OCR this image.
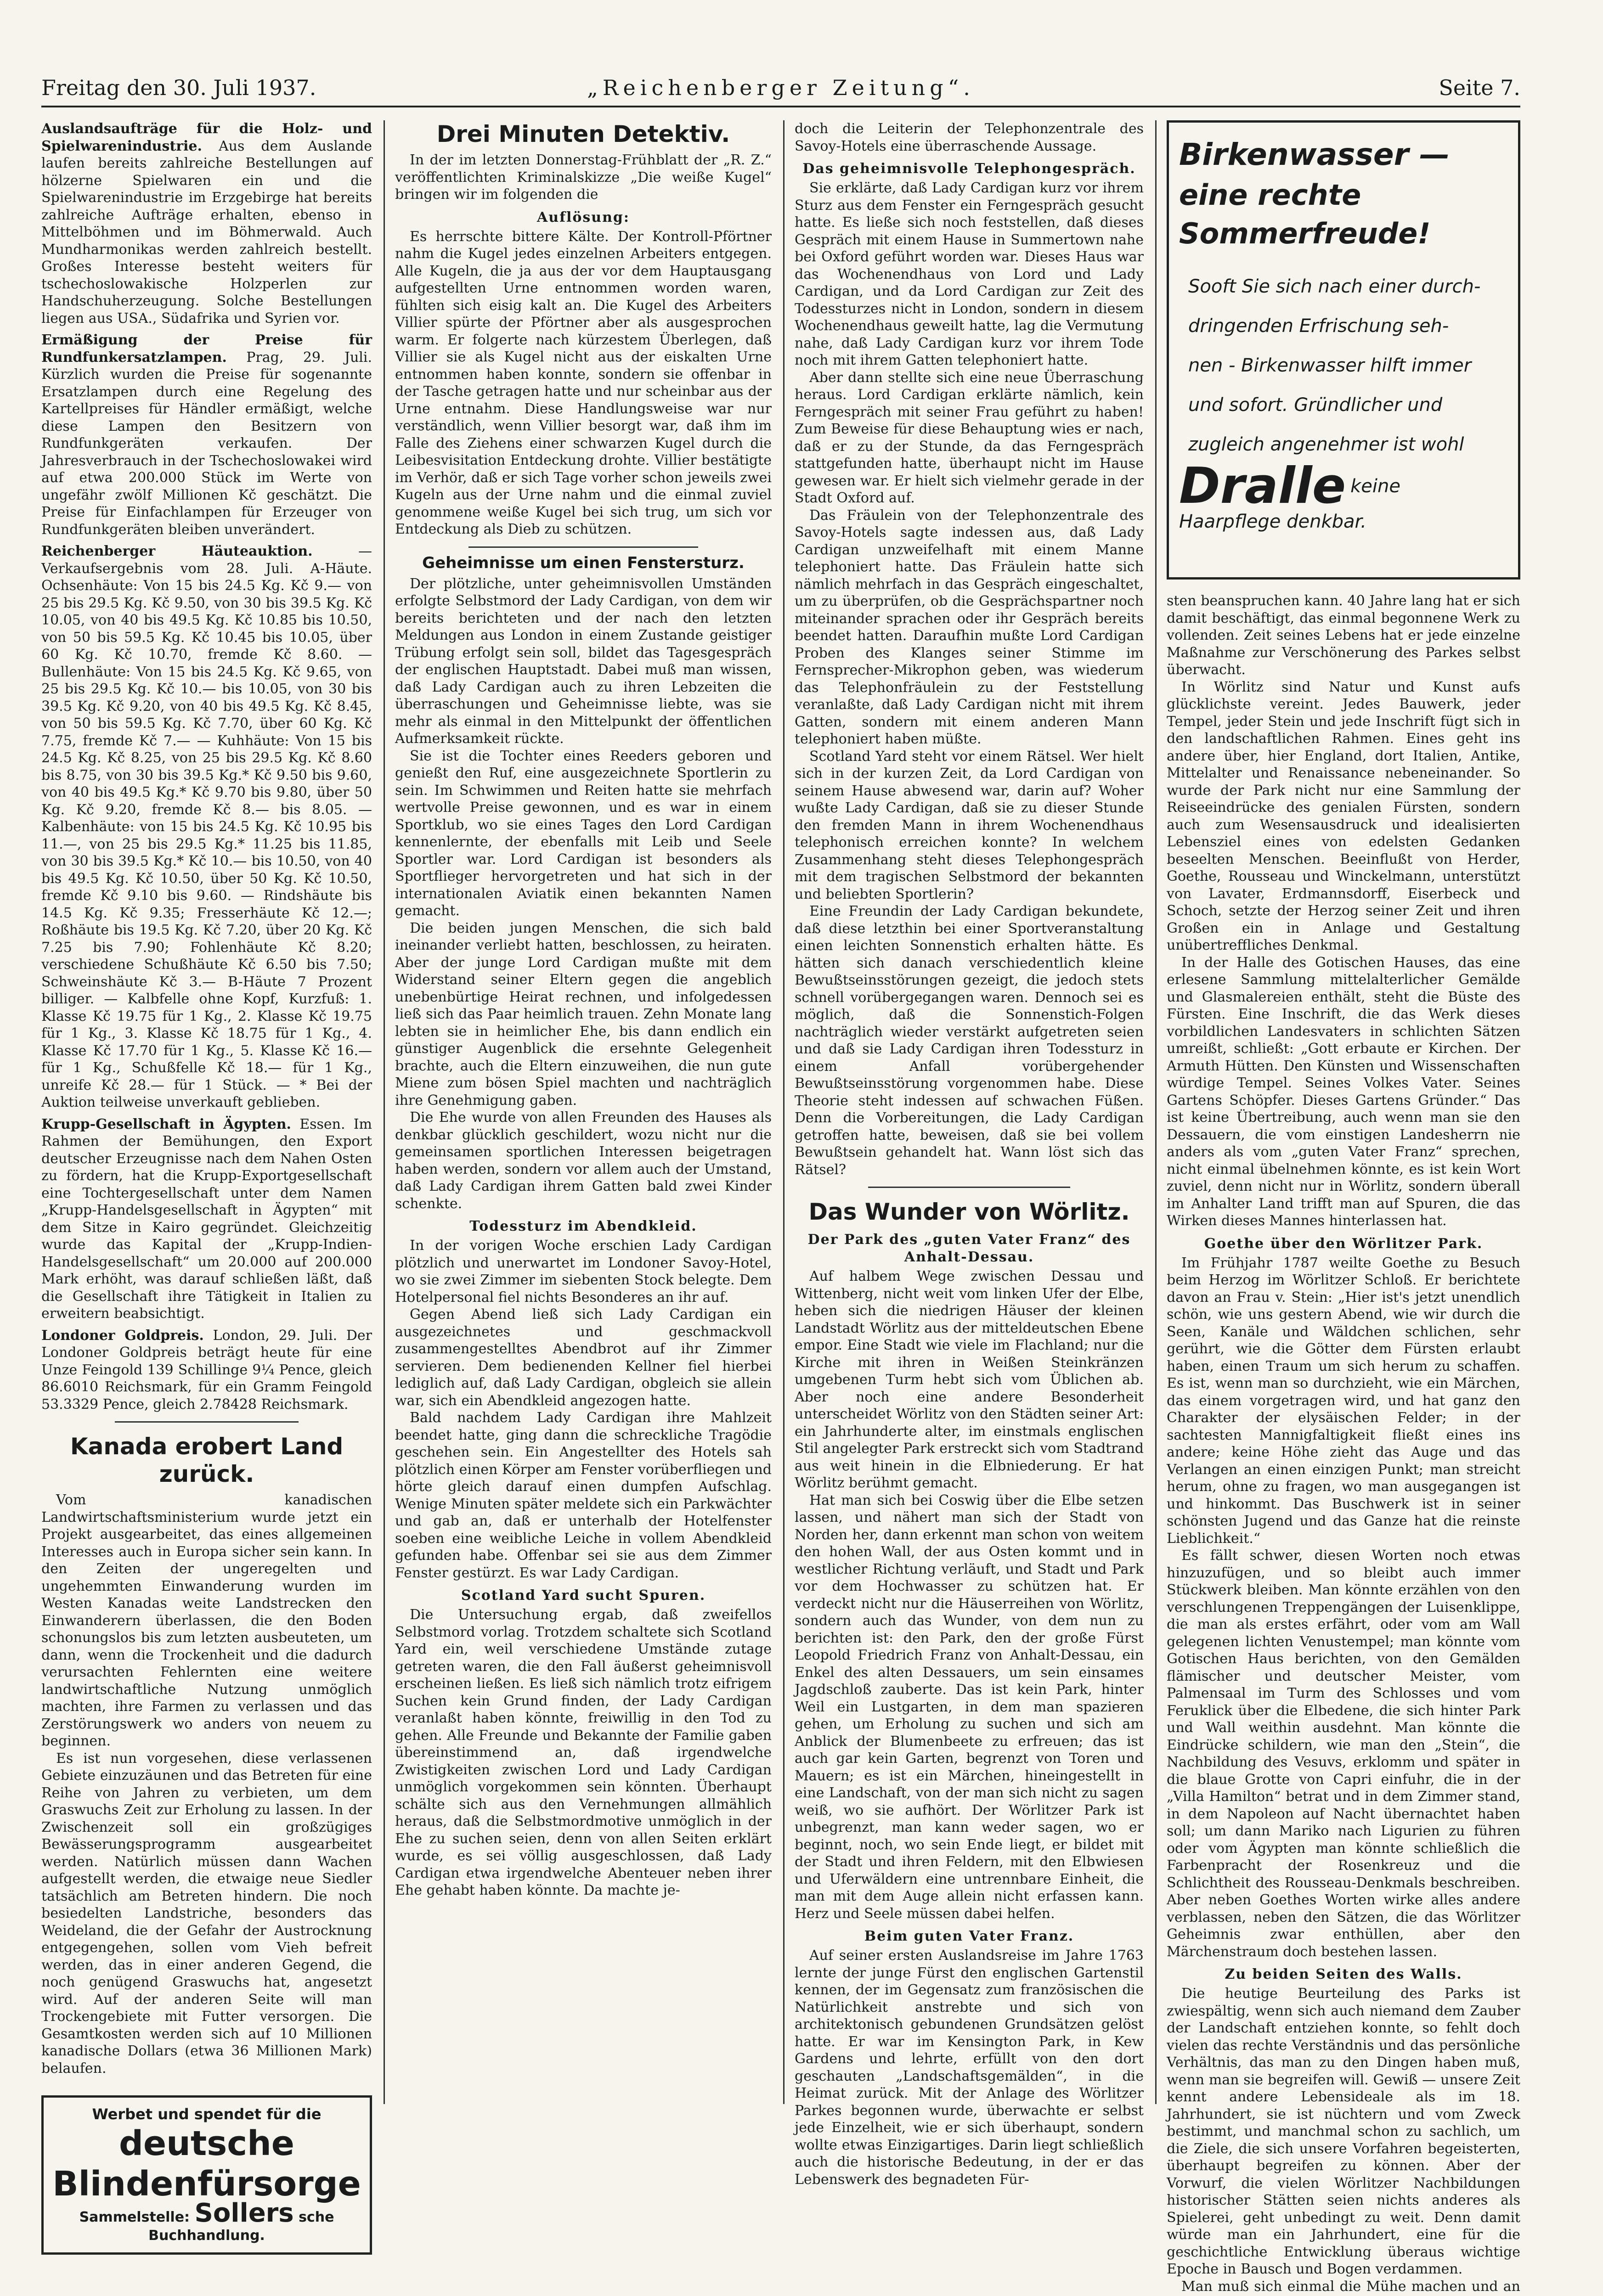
Freitag den 30. Juli 1937.	„Reichenberger Zeitung“.	Seite 7.

Auslandsaufträge für die Holz- und Spielwarenindustrie. Aus dem Auslande laufen bereits zahlreiche Bestellungen auf hölzerne Spielwaren ein und die Spielwarenindustrie im Erzgebirge hat bereits zahlreiche Aufträge erhalten, ebenso in Mittelböhmen und im Böhmerwald. Auch Mundharmonikas werden zahlreich bestellt. Großes Interesse besteht weiters für tschechoslowakische Holzperlen zur Handschuherzeugung. Solche Bestellungen liegen aus USA., Südafrika und Syrien vor.

Ermäßigung der Preise für Rundfunkersatzlampen. Prag, 29. Juli. Kürzlich wurden die Preise für sogenannte Ersatzlampen durch eine Regelung des Kartellpreises für Händler ermäßigt, welche diese Lampen den Besitzern von Rundfunkgeräten verkaufen. Der Jahresverbrauch in der Tschechoslowakei wird auf etwa 200.000 Stück im Werte von ungefähr zwölf Millionen Kč geschätzt. Die Preise für Einfachlampen für Erzeuger von Rundfunkgeräten bleiben unverändert.

Reichenberger Häuteauktion.	— Verkaufsergebnis vom 28. Juli. A-Häute. Ochsenhäute: Von 15 bis 24.5 Kg. Kč 9.— von 25 bis 29.5 Kg. Kč 9.50, von 30 bis 39.5 Kg. Kč 10.05, von 40 bis 49.5 Kg. Kč 10.85 bis 10.50, von 50 bis 59.5 Kg. Kč 10.45 bis 10.05, über 60 Kg. Kč 10.70, fremde Kč 8.60. — Bullenhäute: Von 15 bis 24.5 Kg. Kč 9.65, von 25 bis 29.5 Kg. Kč 10.— bis 10.05, von 30 bis 39.5 Kg. Kč 9.20, von 40 bis 49.5 Kg. Kč 8.45, von 50 bis 59.5 Kg. Kč 7.70, über 60 Kg. Kč 7.75, fremde Kč 7.— — Kuhhäute: Von 15 bis 24.5 Kg. Kč 8.25, von 25 bis 29.5 Kg. Kč 8.60 bis 8.75, von 30 bis 39.5 Kg.* Kč 9.50 bis 9.60, von 40 bis 49.5 Kg.* Kč 9.70 bis 9.80, über 50 Kg. Kč 9.20, fremde Kč 8.— bis 8.05. — Kalbenhäute: von 15 bis 24.5 Kg. Kč 10.95 bis 11.—, von 25 bis 29.5 Kg.* 11.25 bis 11.85, von 30 bis 39.5 Kg.* Kč 10.— bis 10.50, von 40 bis 49.5 Kg. Kč 10.50, über 50 Kg. Kč 10.50, fremde Kč 9.10 bis 9.60. — Rindshäute bis 14.5 Kg. Kč 9.35; Fresserhäute Kč 12.—; Roßhäute bis 19.5 Kg. Kč 7.20, über 20 Kg. Kč 7.25 bis 7.90; Fohlenhäute Kč 8.20; verschiedene Schußhäute Kč 6.50 bis 7.50; Schweinshäute Kč 3.— B-Häute 7 Prozent billiger. — Kalbfelle ohne Kopf, Kurzfuß: 1. Klasse Kč 19.75 für 1 Kg., 2. Klasse Kč 19.75 für 1 Kg., 3. Klasse Kč 18.75 für 1 Kg., 4. Klasse Kč 17.70 für 1 Kg., 5. Klasse Kč 16.— für 1 Kg., Schußfelle Kč 18.— für 1 Kg., unreife Kč 28.— für 1 Stück. — * Bei der Auktion teilweise unverkauft geblieben.

Krupp-Gesellschaft in Ägypten. Essen. Im Rahmen der Bemühungen, den Export deutscher Erzeugnisse nach dem Nahen Osten zu fördern, hat die Krupp-Exportgesellschaft eine Tochtergesellschaft unter dem Namen „Krupp-Handelsgesellschaft in Ägypten“ mit dem Sitze in Kairo gegründet. Gleichzeitig wurde das Kapital der „Krupp-Indien-Handelsgesellschaft“ um 20.000 auf 200.000 Mark erhöht, was darauf schließen läßt, daß die Gesellschaft ihre Tätigkeit in Italien zu erweitern beabsichtigt.

Londoner Goldpreis. London, 29. Juli. Der Londoner Goldpreis beträgt heute für eine Unze Feingold 139 Schillinge 9¼ Pence, gleich 86.6010 Reichsmark, für ein Gramm Feingold 53.3329 Pence, gleich 2.78428 Reichsmark.

Kanada erobert Land zurück.

Vom kanadischen Landwirtschaftsministerium wurde jetzt ein Projekt ausgearbeitet, das eines allgemeinen Interesses auch in Europa sicher sein kann. In den Zeiten der ungeregelten und ungehemmten Einwanderung wurden im Westen Kanadas weite Landstrecken den Einwanderern überlassen, die den Boden schonungslos bis zum letzten ausbeuteten, um dann, wenn die Trockenheit und die dadurch verursachten Fehlernten eine weitere landwirtschaftliche Nutzung unmöglich machten, ihre Farmen zu verlassen und das Zerstörungswerk wo anders von neuem zu beginnen.

Es ist nun vorgesehen, diese verlassenen Gebiete einzuzäunen und das Betreten für eine Reihe von Jahren zu verbieten, um dem Graswuchs Zeit zur Erholung zu lassen. In der Zwischenzeit soll ein großzügiges Bewässerungsprogramm ausgearbeitet werden. Natürlich müssen dann Wachen aufgestellt werden, die etwaige neue Siedler tatsächlich am Betreten hindern. Die noch besiedelten Landstriche, besonders das Weideland, die der Gefahr der Austrocknung entgegengehen, sollen vom Vieh befreit werden, das in einer anderen Gegend, die noch genügend Graswuchs hat, angesetzt wird. Auf der anderen Seite will man Trockengebiete mit Futter versorgen. Die Gesamtkosten werden sich auf 10 Millionen kanadische Dollars (etwa 36 Millionen Mark) belaufen.

Werbet und spendet für die
deutsche Blindenfürsorge
Sammelstelle: Sollers sche Buchhandlung.
Drei Minuten Detektiv.

In der im letzten Donnerstag-Frühblatt der „R. Z.“ veröffentlichten Kriminalskizze „Die weiße Kugel“ bringen wir im folgenden die

Auflösung:

Es herrschte bittere Kälte. Der Kontroll-Pförtner nahm die Kugel jedes einzelnen Arbeiters entgegen. Alle Kugeln, die ja aus der vor dem Hauptausgang aufgestellten Urne entnommen worden waren, fühlten sich eisig kalt an. Die Kugel des Arbeiters Villier spürte der Pförtner aber als ausgesprochen warm. Er folgerte nach kürzestem Überlegen, daß Villier sie als Kugel nicht aus der eiskalten Urne entnommen haben konnte, sondern sie offenbar in der Tasche getragen hatte und nur scheinbar aus der Urne entnahm. Diese Handlungsweise war nur verständlich, wenn Villier besorgt war, daß ihm im Falle des Ziehens einer schwarzen Kugel durch die Leibesvisitation Entdeckung drohte. Villier bestätigte im Verhör, daß er sich Tage vorher schon jeweils zwei Kugeln aus der Urne nahm und die einmal zuviel genommene weiße Kugel bei sich trug, um sich vor Entdeckung als Dieb zu schützen.

Geheimnisse um einen Fenstersturz.

Der plötzliche, unter geheimnisvollen Umständen erfolgte Selbstmord der Lady Cardigan, von dem wir bereits berichteten und der nach den letzten Meldungen aus London in einem Zustande geistiger Trübung erfolgt sein soll, bildet das Tagesgespräch der englischen Hauptstadt. Dabei muß man wissen, daß Lady Cardigan auch zu ihren Lebzeiten die überraschungen und Geheimnisse liebte, was sie mehr als einmal in den Mittelpunkt der öffentlichen Aufmerksamkeit rückte.

Sie ist die Tochter eines Reeders geboren und genießt den Ruf, eine ausgezeichnete Sportlerin zu sein. Im Schwimmen und Reiten hatte sie mehrfach wertvolle Preise gewonnen, und es war in einem Sportklub, wo sie eines Tages den Lord Cardigan kennenlernte, der ebenfalls mit Leib und Seele Sportler war. Lord Cardigan ist besonders als Sportflieger hervorgetreten und hat sich in der internationalen Aviatik einen bekannten Namen gemacht.

Die beiden jungen Menschen, die sich bald ineinander verliebt hatten, beschlossen, zu heiraten. Aber der junge Lord Cardigan mußte mit dem Widerstand seiner Eltern gegen die angeblich unebenbürtige Heirat rechnen, und infolgedessen ließ sich das Paar heimlich trauen. Zehn Monate lang lebten sie in heimlicher Ehe, bis dann endlich ein günstiger Augenblick die ersehnte Gelegenheit brachte, auch die Eltern einzuweihen, die nun gute Miene zum bösen Spiel machten und nachträglich ihre Genehmigung gaben.

Die Ehe wurde von allen Freunden des Hauses als denkbar glücklich geschildert, wozu nicht nur die gemeinsamen sportlichen Interessen beigetragen haben werden, sondern vor allem auch der Umstand, daß Lady Cardigan ihrem Gatten bald zwei Kinder schenkte.

Todessturz im Abendkleid.

In der vorigen Woche erschien Lady Cardigan plötzlich und unerwartet im Londoner Savoy-Hotel, wo sie zwei Zimmer im siebenten Stock belegte. Dem Hotelpersonal fiel nichts Besonderes an ihr auf.

Gegen Abend ließ sich Lady Cardigan ein ausgezeichnetes und geschmackvoll zusammengestelltes Abendbrot auf ihr Zimmer servieren. Dem bedienenden Kellner fiel hierbei lediglich auf, daß Lady Cardigan, obgleich sie allein war, sich ein Abendkleid angezogen hatte.

Bald nachdem Lady Cardigan ihre Mahlzeit beendet hatte, ging dann die schreckliche Tragödie geschehen sein. Ein Angestellter des Hotels sah plötzlich einen Körper am Fenster vorüberfliegen und hörte gleich darauf einen dumpfen Aufschlag. Wenige Minuten später meldete sich ein Parkwächter und gab an, daß er unterhalb der Hotelfenster soeben eine weibliche Leiche in vollem Abendkleid gefunden habe. Offenbar sei sie aus dem Zimmer Fenster gestürzt. Es war Lady Cardigan.

Scotland Yard sucht Spuren.

Die Untersuchung ergab, daß zweifellos Selbstmord vorlag. Trotzdem schaltete sich Scotland Yard ein, weil verschiedene Umstände zutage getreten waren, die den Fall äußerst geheimnisvoll erscheinen ließen. Es ließ sich nämlich trotz eifrigem Suchen kein Grund finden, der Lady Cardigan veranlaßt haben könnte, freiwillig in den Tod zu gehen. Alle Freunde und Bekannte der Familie gaben übereinstimmend an, daß irgendwelche Zwistigkeiten zwischen Lord und Lady Cardigan unmöglich vorgekommen sein könnten. Überhaupt schälte sich aus den Vernehmungen allmählich heraus, daß die Selbstmordmotive unmöglich in der Ehe zu suchen seien, denn von allen Seiten erklärt wurde, es sei völlig ausgeschlossen, daß Lady Cardigan etwa irgendwelche Abenteuer neben ihrer Ehe gehabt haben könnte. Da machte je-

doch die Leiterin der Telephonzentrale des Savoy-Hotels eine überraschende Aussage.

Das geheimnisvolle Telephongespräch.

Sie erklärte, daß Lady Cardigan kurz vor ihrem Sturz aus dem Fenster ein Ferngespräch gesucht hatte. Es ließe sich noch feststellen, daß dieses Gespräch mit einem Hause in Summertown nahe bei Oxford geführt worden war. Dieses Haus war das Wochenendhaus von Lord und Lady Cardigan, und da Lord Cardigan zur Zeit des Todessturzes nicht in London, sondern in diesem Wochenendhaus geweilt hatte, lag die Vermutung nahe, daß Lady Cardigan kurz vor ihrem Tode noch mit ihrem Gatten telephoniert hatte.

Aber dann stellte sich eine neue Überraschung heraus. Lord Cardigan erklärte nämlich, kein Ferngespräch mit seiner Frau geführt zu haben! Zum Beweise für diese Behauptung wies er nach, daß er zu der Stunde, da das Ferngespräch stattgefunden hatte, überhaupt nicht im Hause gewesen war. Er hielt sich vielmehr gerade in der Stadt Oxford auf.

Das Fräulein von der Telephonzentrale des Savoy-Hotels sagte indessen aus, daß Lady Cardigan unzweifelhaft mit einem Manne telephoniert hatte. Das Fräulein hatte sich nämlich mehrfach in das Gespräch eingeschaltet, um zu überprüfen, ob die Gesprächspartner noch miteinander sprachen oder ihr Gespräch bereits beendet hatten. Daraufhin mußte Lord Cardigan Proben des Klanges seiner Stimme im Fernsprecher-Mikrophon geben, was wiederum das Telephonfräulein zu der Feststellung veranlaßte, daß Lady Cardigan nicht mit ihrem Gatten, sondern mit einem anderen Mann telephoniert haben müßte.

Scotland Yard steht vor einem Rätsel. Wer hielt sich in der kurzen Zeit, da Lord Cardigan von seinem Hause abwesend war, darin auf? Woher wußte Lady Cardigan, daß sie zu dieser Stunde den fremden Mann in ihrem Wochenendhaus telephonisch erreichen konnte? In welchem Zusammenhang steht dieses Telephongespräch mit dem tragischen Selbstmord der bekannten und beliebten Sportlerin?

Eine Freundin der Lady Cardigan bekundete, daß diese letzthin bei einer Sportveranstaltung einen leichten Sonnenstich erhalten hätte. Es hätten sich danach verschiedentlich kleine Bewußtseinsstörungen gezeigt, die jedoch stets schnell vorübergegangen waren. Dennoch sei es möglich, daß die Sonnenstich-Folgen nachträglich wieder verstärkt aufgetreten seien und daß sie Lady Cardigan ihren Todessturz in einem Anfall vorübergehender Bewußtseinsstörung vorgenommen habe. Diese Theorie steht indessen auf schwachen Füßen. Denn die Vorbereitungen, die Lady Cardigan getroffen hatte, beweisen, daß sie bei vollem Bewußtsein gehandelt hat. Wann löst sich das Rätsel?

Das Wunder von Wörlitz.
Der Park des „guten Vater Franz“ des Anhalt-Dessau.

Auf halbem Wege zwischen Dessau und Wittenberg, nicht weit vom linken Ufer der Elbe, heben sich die niedrigen Häuser der kleinen Landstadt Wörlitz aus der mitteldeutschen Ebene empor. Eine Stadt wie viele im Flachland; nur die Kirche mit ihren in Weißen Steinkränzen umgebenen Turm hebt sich vom Üblichen ab. Aber noch eine andere Besonderheit unterscheidet Wörlitz von den Städten seiner Art: ein Jahrhunderte alter, im einstmals englischen Stil angelegter Park erstreckt sich vom Stadtrand aus weit hinein in die Elbniederung. Er hat Wörlitz berühmt gemacht.

Hat man sich bei Coswig über die Elbe setzen lassen, und nähert man sich der Stadt von Norden her, dann erkennt man schon von weitem den hohen Wall, der aus Osten kommt und in westlicher Richtung verläuft, und Stadt und Park vor dem Hochwasser zu schützen hat. Er verdeckt nicht nur die Häuserreihen von Wörlitz, sondern auch das Wunder, von dem nun zu berichten ist: den Park, den der große Fürst Leopold Friedrich Franz von Anhalt-Dessau, ein Enkel des alten Dessauers, um sein einsames Jagdschloß zauberte. Das ist kein Park, hinter Weil ein Lustgarten, in dem man spazieren gehen, um Erholung zu suchen und sich am Anblick der Blumenbeete zu erfreuen; das ist auch gar kein Garten, begrenzt von Toren und Mauern; es ist ein Märchen, hineingestellt in eine Landschaft, von der man sich nicht zu sagen weiß, wo sie aufhört. Der Wörlitzer Park ist unbegrenzt, man kann weder sagen, wo er beginnt, noch, wo sein Ende liegt, er bildet mit der Stadt und ihren Feldern, mit den Elbwiesen und Uferwäldern eine untrennbare Einheit, die man mit dem Auge allein nicht erfassen kann. Herz und Seele müssen dabei helfen.

Beim guten Vater Franz.

Auf seiner ersten Auslandsreise im Jahre 1763 lernte der junge Fürst den englischen Gartenstil kennen, der im Gegensatz zum französischen die Natürlichkeit anstrebte und sich von architektonisch gebundenen Grundsätzen gelöst hatte. Er war im Kensington Park, in Kew Gardens und lehrte, erfüllt von den dort geschauten „Landschaftsgemälden“, in die Heimat zurück. Mit der Anlage des Wörlitzer Parkes begonnen wurde, überwachte er selbst jede Einzelheit, wie er sich überhaupt, sondern wollte etwas Einzigartiges. Darin liegt schließlich auch die historische Bedeutung, in der er das Lebenswerk des begnadeten Für-

Birkenwasser —
eine rechte Sommerfreude!
Sooft Sie sich nach einer durch-
dringenden Erfrischung seh-
nen - Birkenwasser hilft immer
und sofort. Gründlicher und
zugleich angenehmer ist wohl
Dralle keine Haarpflege denkbar.

sten beanspruchen kann. 40 Jahre lang hat er sich damit beschäftigt, das einmal begonnene Werk zu vollenden. Zeit seines Lebens hat er jede einzelne Maßnahme zur Verschönerung des Parkes selbst überwacht.

In Wörlitz sind Natur und Kunst aufs glücklichste vereint. Jedes Bauwerk, jeder Tempel, jeder Stein und jede Inschrift fügt sich in den landschaftlichen Rahmen. Eines geht ins andere über, hier England, dort Italien, Antike, Mittelalter und Renaissance nebeneinander. So wurde der Park nicht nur eine Sammlung der Reiseeindrücke des genialen Fürsten, sondern auch zum Wesensausdruck und idealisierten Lebensziel eines von edelsten Gedanken beseelten Menschen. Beeinflußt von Herder, Goethe, Rousseau und Winckelmann, unterstützt von Lavater, Erdmannsdorff, Eiserbeck und Schoch, setzte der Herzog seiner Zeit und ihren Großen ein in Anlage und Gestaltung unübertreffliches Denkmal.

In der Halle des Gotischen Hauses, das eine erlesene Sammlung mittelalterlicher Gemälde und Glasmalereien enthält, steht die Büste des Fürsten. Eine Inschrift, die das Werk dieses vorbildlichen Landesvaters in schlichten Sätzen umreißt, schließt: „Gott erbaute er Kirchen. Der Armuth Hütten. Den Künsten und Wissenschaften würdige Tempel. Seines Volkes Vater. Seines Gartens Schöpfer. Dieses Gartens Gründer.“ Das ist keine Übertreibung, auch wenn man sie den Dessauern, die vom einstigen Landesherrn nie anders als vom „guten Vater Franz“ sprechen, nicht einmal übelnehmen könnte, es ist kein Wort zuviel, denn nicht nur in Wörlitz, sondern überall im Anhalter Land trifft man auf Spuren, die das Wirken dieses Mannes hinterlassen hat.

Goethe über den Wörlitzer Park.

Im Frühjahr 1787 weilte Goethe zu Besuch beim Herzog im Wörlitzer Schloß. Er berichtete davon an Frau v. Stein: „Hier ist's jetzt unendlich schön, wie uns gestern Abend, wie wir durch die Seen, Kanäle und Wäldchen schlichen, sehr gerührt, wie die Götter dem Fürsten erlaubt haben, einen Traum um sich herum zu schaffen. Es ist, wenn man so durchzieht, wie ein Märchen, das einem vorgetragen wird, und hat ganz den Charakter der elysäischen Felder; in der sachtesten Mannigfaltigkeit fließt eines ins andere; keine Höhe zieht das Auge und das Verlangen an einen einzigen Punkt; man streicht herum, ohne zu fragen, wo man ausgegangen ist und hinkommt. Das Buschwerk ist in seiner schönsten Jugend und das Ganze hat die reinste Lieblichkeit.“

Es fällt schwer, diesen Worten noch etwas hinzuzufügen, und so bleibt auch immer Stückwerk bleiben. Man könnte erzählen von den verschlungenen Treppengängen der Luisenklippe, die man als erstes erfährt, oder vom am Wall gelegenen lichten Venustempel; man könnte vom Gotischen Haus berichten, von den Gemälden flämischer und deutscher Meister, vom Palmensaal im Turm des Schlosses und vom Feruklick über die Elbedene, die sich hinter Park und Wall weithin ausdehnt. Man könnte die Eindrücke schildern, wie man den „Stein“, die Nachbildung des Vesuvs, erklomm und später in die blaue Grotte von Capri einfuhr, die in der „Villa Hamilton“ betrat und in dem Zimmer stand, in dem Napoleon auf Nacht übernachtet haben soll; um dann Mariko nach Ligurien zu führen oder vom Ägypten man könnte schließlich die Farbenpracht der Rosenkreuz und die Schlichtheit des Rousseau-Denkmals beschreiben. Aber neben Goethes Worten wirke alles andere verblassen, neben den Sätzen, die das Wörlitzer Geheimnis zwar enthüllen, aber den Märchenstraum doch bestehen lassen.

Zu beiden Seiten des Walls.

Die heutige Beurteilung des Parks ist zwiespältig, wenn sich auch niemand dem Zauber der Landschaft entziehen konnte, so fehlt doch vielen das rechte Verständnis und das persönliche Verhältnis, das man zu den Dingen haben muß, wenn man sie begreifen will. Gewiß — unsere Zeit kennt andere Lebensideale als im 18. Jahrhundert, sie ist nüchtern und vom Zweck bestimmt, und manchmal schon zu sachlich, um die Ziele, die sich unsere Vorfahren begeisterten, überhaupt begreifen zu können. Aber der Vorwurf, die vielen Wörlitzer Nachbildungen historischer Stätten seien nichts anderes als Spielerei, geht unbedingt zu weit. Denn damit würde man ein Jahrhundert, eine für die geschichtliche Entwicklung überaus wichtige Epoche in Bausch und Bogen verdammen.

Man muß sich einmal die Mühe machen und an
